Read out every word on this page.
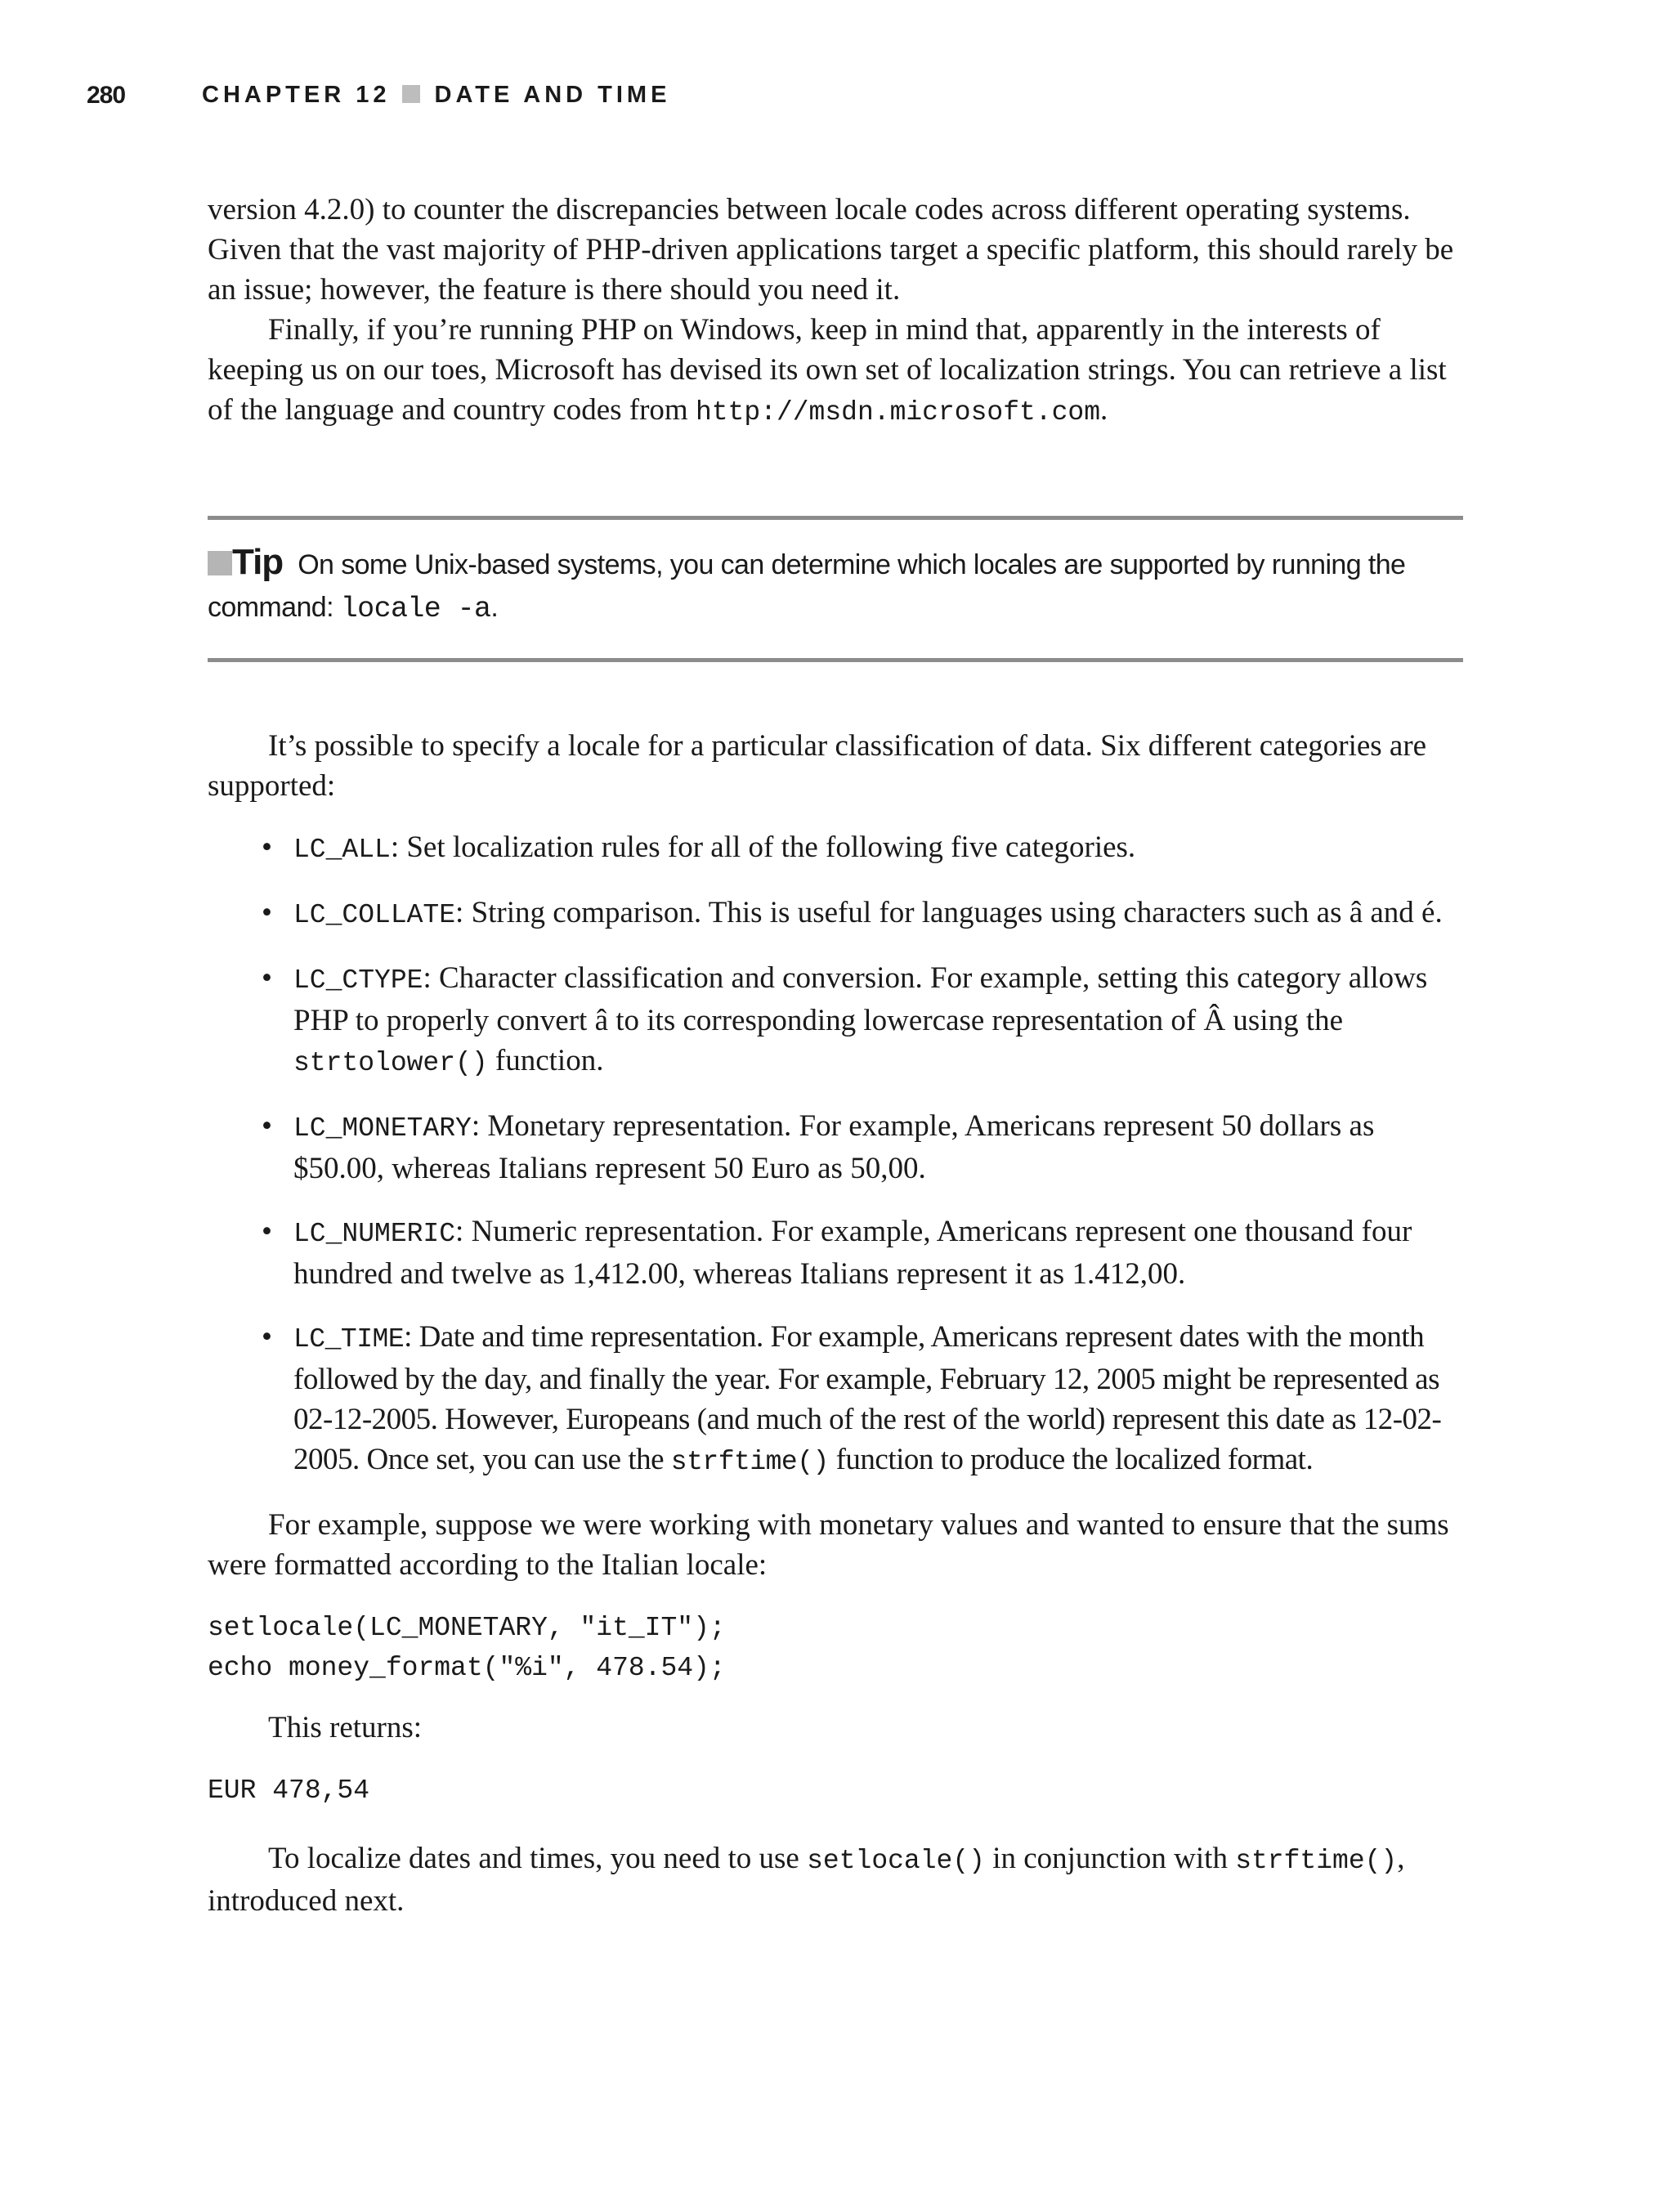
280	CHAPTER 12 DATE AND TIME

version 4.2.0) to counter the discrepancies between locale codes across different operating systems. Given that the vast majority of PHP-driven applications target a specific platform, this should rarely be an issue; however, the feature is there should you need it.

Finally, if you’re running PHP on Windows, keep in mind that, apparently in the interests of keeping us on our toes, Microsoft has devised its own set of localization strings. You can retrieve a list of the language and country codes from http://msdn.microsoft.com.

Tip On some Unix-based systems, you can determine which locales are supported by running the command: locale -a.

It’s possible to specify a locale for a particular classification of data. Six different categories are supported:

• LC_ALL: Set localization rules for all of the following five categories.
• LC_COLLATE: String comparison. This is useful for languages using characters such as â and é.
• LC_CTYPE: Character classification and conversion. For example, setting this category allows PHP to properly convert â to its corresponding lowercase representation of Â using the strtolower() function.
• LC_MONETARY: Monetary representation. For example, Americans represent 50 dollars as $50.00, whereas Italians represent 50 Euro as 50,00.
• LC_NUMERIC: Numeric representation. For example, Americans represent one thousand four hundred and twelve as 1,412.00, whereas Italians represent it as 1.412,00.
• LC_TIME: Date and time representation. For example, Americans represent dates with the month followed by the day, and finally the year. For example, February 12, 2005 might be represented as 02-12-2005. However, Europeans (and much of the rest of the world) represent this date as 12-02-2005. Once set, you can use the strftime() function to produce the localized format.

For example, suppose we were working with monetary values and wanted to ensure that the sums were formatted according to the Italian locale:

setlocale(LC_MONETARY, "it_IT");
echo money_format("%i", 478.54);

This returns:

EUR 478,54

To localize dates and times, you need to use setlocale() in conjunction with strftime(), introduced next.
